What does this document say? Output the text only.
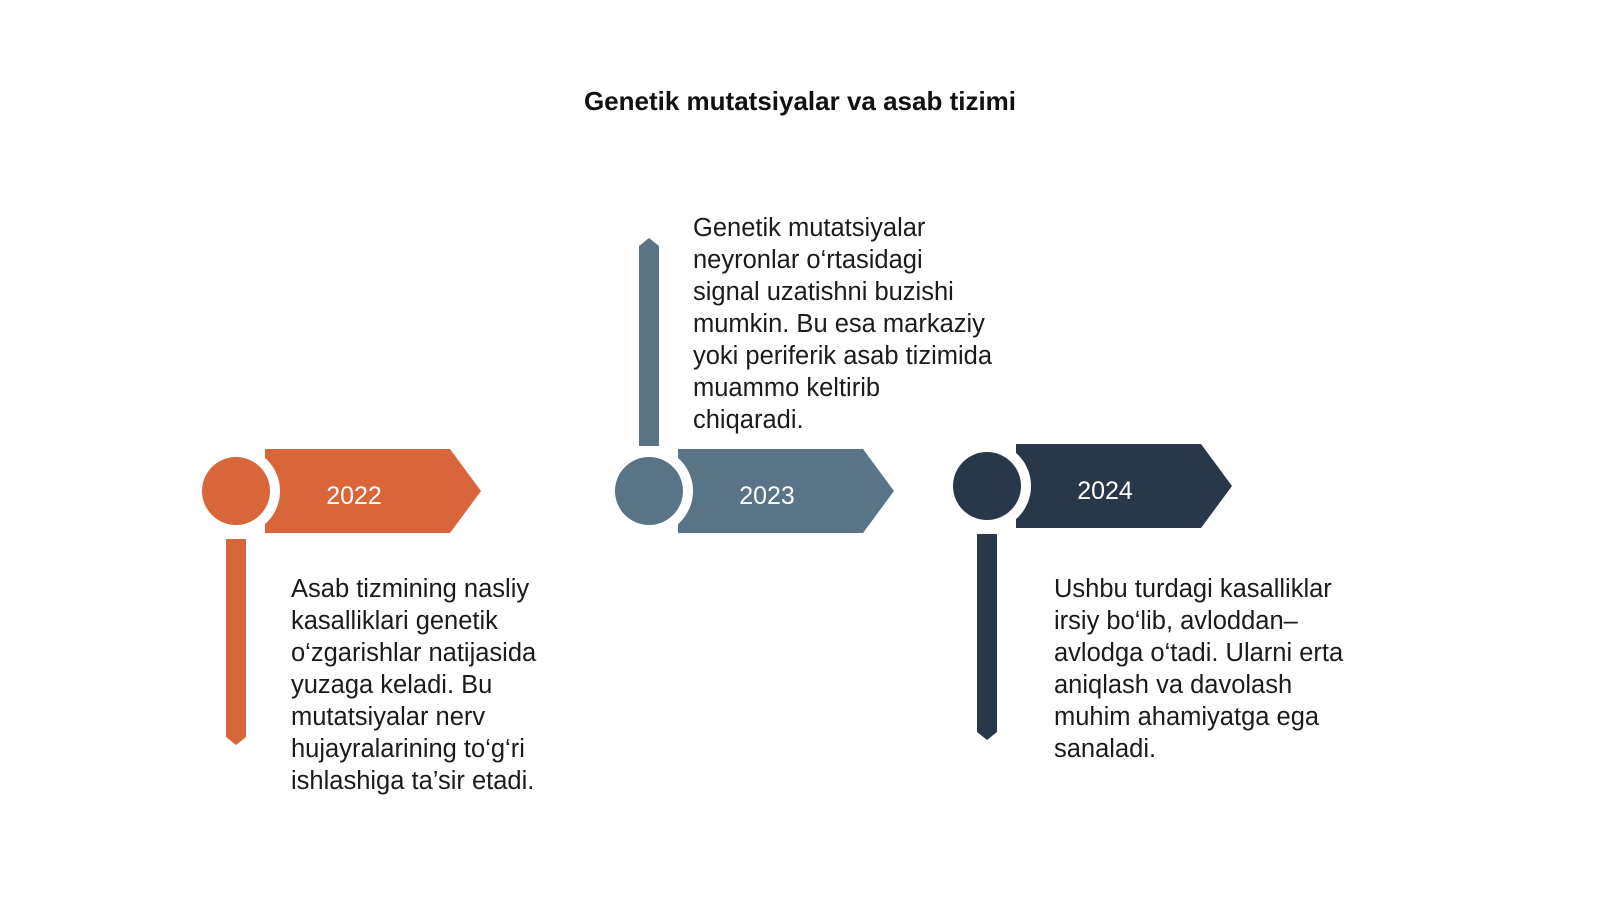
Genetik mutatsiyalar va asab tizimi
2022	2023	2024
Asab tizmining nasliy
kasalliklari genetik
o‘zgarishlar natijasida
yuzaga keladi. Bu
mutatsiyalar nerv
hujayralarining to‘g‘ri
ishlashiga ta’sir etadi.
Genetik mutatsiyalar
neyronlar o‘rtasidagi
signal uzatishni buzishi
mumkin. Bu esa markaziy
yoki periferik asab tizimida
muammo keltirib
chiqaradi.
Ushbu turdagi kasalliklar
irsiy bo‘lib, avloddan–
avlodga o‘tadi. Ularni erta
aniqlash va davolash
muhim ahamiyatga ega
sanaladi.
